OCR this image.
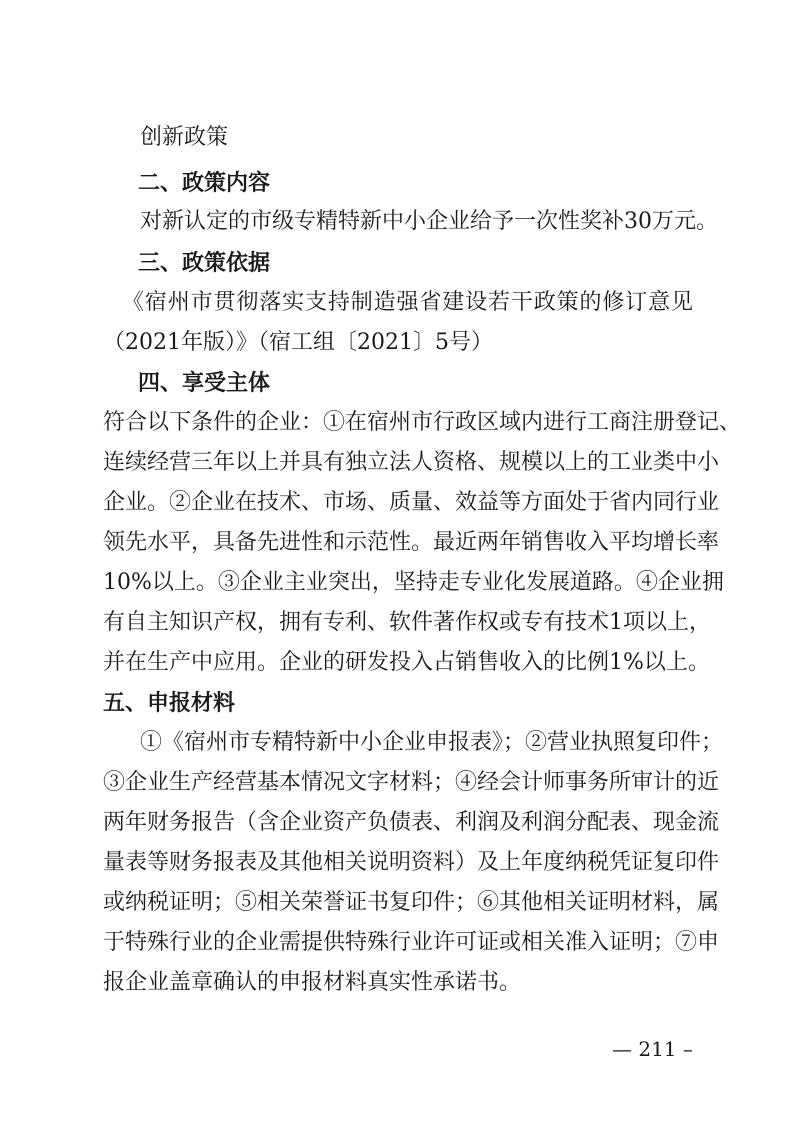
创新政策
二、政策内容
对新认定的市级专精特新中小企业给予一次性奖补30万元。
三、政策依据
《宿州市贯彻落实支持制造强省建设若干政策的修订意见
（2021年版）》（宿工组〔2021〕5号）
四、享受主体
符合以下条件的企业：①在宿州市行政区域内进行工商注册登记、
连续经营三年以上并具有独立法人资格、规模以上的工业类中小
企业。②企业在技术、市场、质量、效益等方面处于省内同行业
领先水平，具备先进性和示范性。最近两年销售收入平均增长率
10%以上。③企业主业突出，坚持走专业化发展道路。④企业拥
有自主知识产权，拥有专利、软件著作权或专有技术1项以上，
并在生产中应用。企业的研发投入占销售收入的比例1%以上。
五、申报材料
①《宿州市专精特新中小企业申报表》；②营业执照复印件；
③企业生产经营基本情况文字材料；④经会计师事务所审计的近
两年财务报告（含企业资产负债表、利润及利润分配表、现金流
量表等财务报表及其他相关说明资料）及上年度纳税凭证复印件
或纳税证明；⑤相关荣誉证书复印件；⑥其他相关证明材料，属
于特殊行业的企业需提供特殊行业许可证或相关准入证明；⑦申
报企业盖章确认的申报材料真实性承诺书。
— 211 –
